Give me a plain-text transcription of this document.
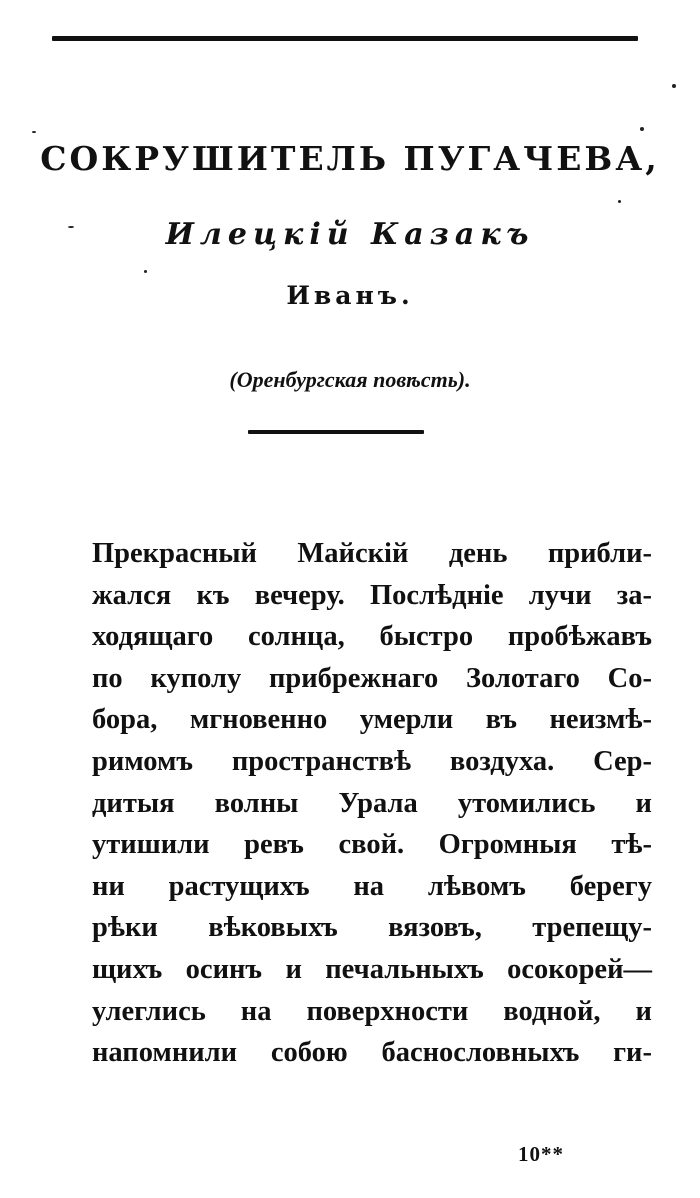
СОКРУШИТЕЛЬ ПУГАЧЕВА,
Илецкій Казакъ
Иванъ.
(Оренбургская повѣсть).
Прекрасный Майскій день прибли-
жался къ вечеру. Послѣдніе лучи за-
ходящаго солнца, быстро пробѣжавъ
по куполу прибрежнаго Золотаго Со-
бора, мгновенно умерли въ неизмѣ-
римомъ пространствѣ воздуха. Сер-
дитыя волны Урала утомились и
утишили ревъ свой. Огромныя тѣ-
ни растущихъ на лѣвомъ берегу
рѣки вѣковыхъ вязовъ, трепещу-
щихъ осинъ и печальныхъ осокорей—
улеглись на поверхности водной, и
напомнили собою баснословныхъ ги-
10**
